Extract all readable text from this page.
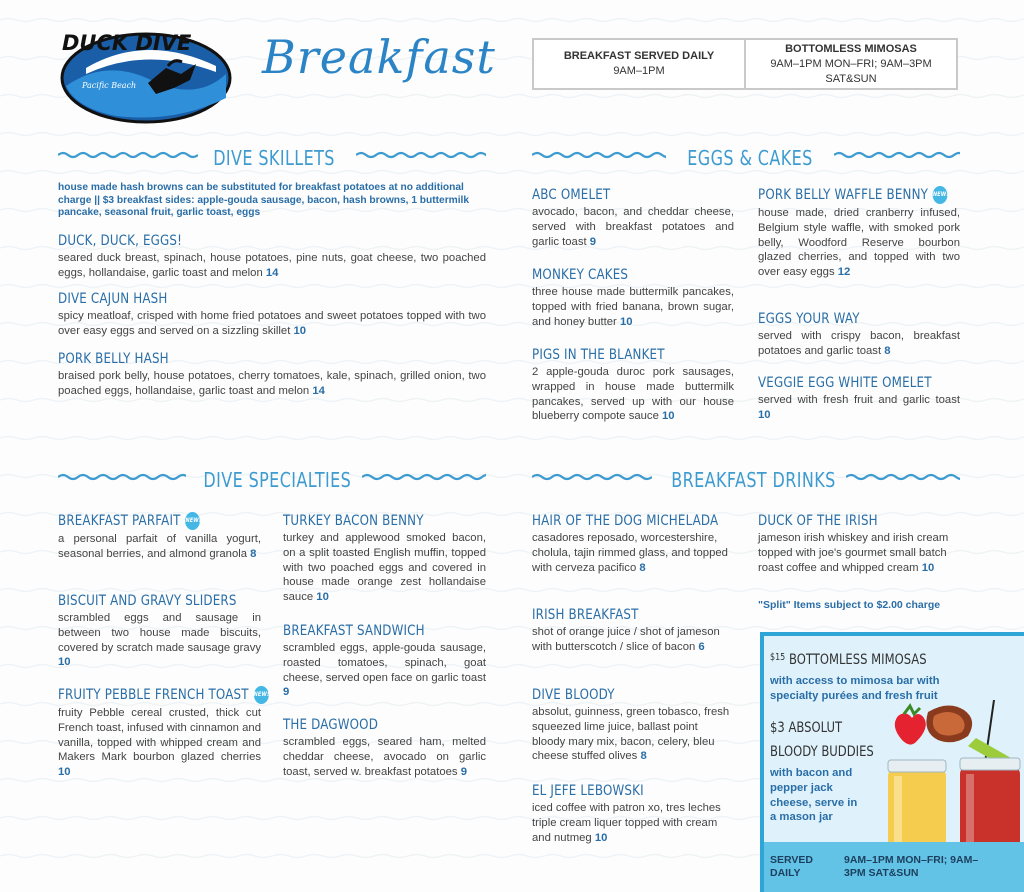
DUCK DIVE
Pacific Beach
Breakfast	BREAKFAST SERVED DAILY
9AM–1PM
BOTTOMLESS MIMOSAS
9AM–1PM MON–FRI; 9AM–3PM SAT&SUN
DIVE SKILLETS	EGGS & CAKES
DIVE SPECIALTIES	BREAKFAST DRINKS

house made hash browns can be substituted for breakfast potatoes at no additional charge || $3 breakfast sides: apple-gouda sausage, bacon, hash browns, 1 buttermilk pancake, seasonal fruit, garlic toast, eggs

DUCK, DUCK, EGGS!

seared duck breast, spinach, house potatoes, pine nuts, goat cheese, two poached eggs, hollandaise, garlic toast and melon 14

DIVE CAJUN HASH

spicy meatloaf, crisped with home fried potatoes and sweet potatoes topped with two over easy eggs and served on a sizzling skillet 10

PORK BELLY HASH

braised pork belly, house potatoes, cherry tomatoes, kale, spinach, grilled onion, two poached eggs, hollandaise, garlic toast and melon 14

ABC OMELET

avocado, bacon, and cheddar cheese, served with breakfast potatoes and garlic toast 9

MONKEY CAKES

three house made buttermilk pancakes, topped with fried banana, brown sugar, and honey butter 10

PIGS IN THE BLANKET

2 apple-gouda duroc pork sausages, wrapped in house made buttermilk pancakes, served up with our house blueberry compote sauce 10

PORK BELLY WAFFLE BENNY NEW!

house made, dried cranberry infused, Belgium style waffle, with smoked pork belly, Woodford Reserve bourbon glazed cherries, and topped with two over easy eggs 12

EGGS YOUR WAY

served with crispy bacon, breakfast potatoes and garlic toast 8

VEGGIE EGG WHITE OMELET

served with fresh fruit and garlic toast 10

BREAKFAST PARFAIT NEW!

a personal parfait of vanilla yogurt, seasonal berries, and almond granola 8

BISCUIT AND GRAVY SLIDERS

scrambled eggs and sausage in between two house made biscuits, covered by scratch made sausage gravy 10

FRUITY PEBBLE FRENCH TOAST NEW!

fruity Pebble cereal crusted, thick cut French toast, infused with cinnamon and vanilla, topped with whipped cream and Makers Mark bourbon glazed cherries 10

TURKEY BACON BENNY

turkey and applewood smoked bacon, on a split toasted English muffin, topped with two poached eggs and covered in house made orange zest hollandaise sauce 10

BREAKFAST SANDWICH

scrambled eggs, apple-gouda sausage, roasted tomatoes, spinach, goat cheese, served open face on garlic toast 9

THE DAGWOOD

scrambled eggs, seared ham, melted cheddar cheese, avocado on garlic toast, served w. breakfast potatoes 9

HAIR OF THE DOG MICHELADA

casadores reposado, worcestershire, cholula, tajin rimmed glass, and topped with cerveza pacifico 8

IRISH BREAKFAST

shot of orange juice / shot of jameson with butterscotch / slice of bacon 6

DIVE BLOODY

absolut, guinness, green tobasco, fresh squeezed lime juice, ballast point bloody mary mix, bacon, celery, bleu cheese stuffed olives 8

EL JEFE LEBOWSKI

iced coffee with patron xo, tres leches triple cream liquer topped with cream and nutmeg 10

DUCK OF THE IRISH

jameson irish whiskey and irish cream topped with joe's gourmet small batch roast coffee and whipped cream 10

"Split" Items subject to $2.00 charge
$^{\$15}$ BOTTOMLESS MIMOSAS
with access to mimosa bar with specialty purées and fresh fruit
$3 ABSOLUT
BLOODY BUDDIES
with bacon and pepper jack cheese, serve in a mason jar
SERVED DAILY
9AM–1PM MON–FRI; 9AM–3PM SAT&SUN
